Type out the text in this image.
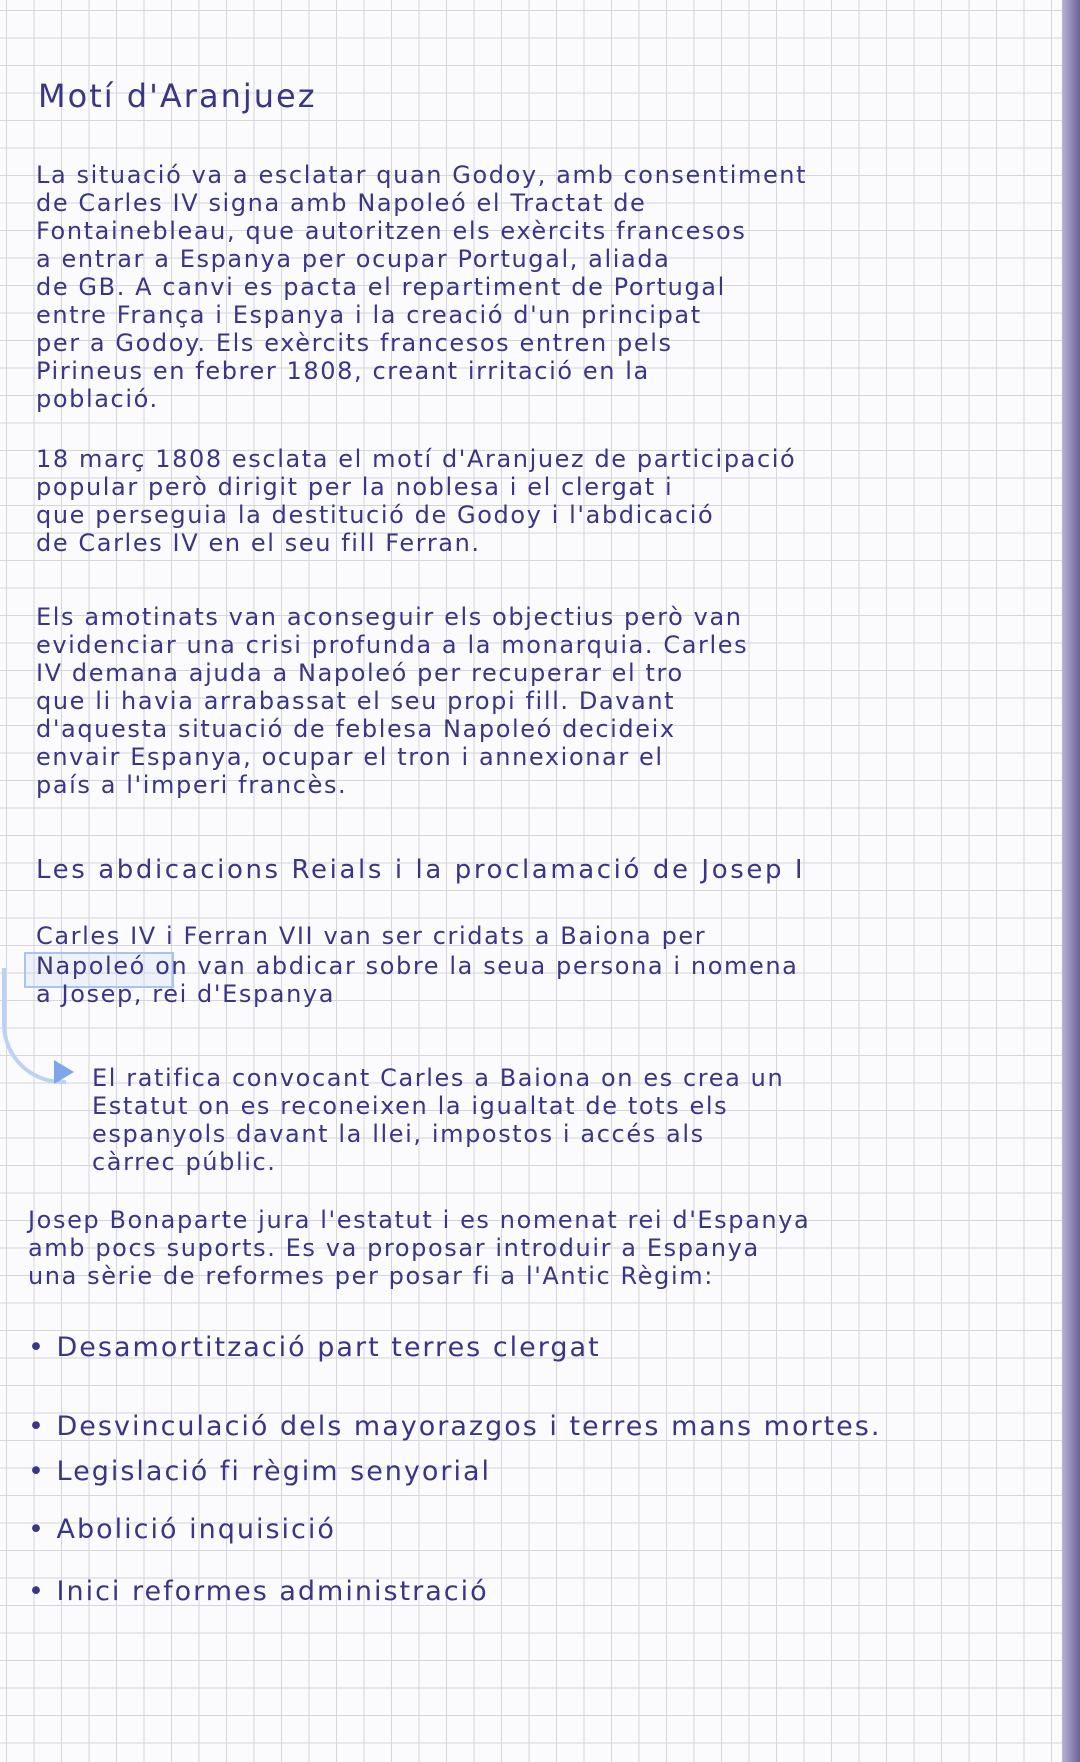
Motí d'Aranjuez
La situació va a esclatar quan Godoy, amb consentiment
de Carles IV signa amb Napoleó el Tractat de
Fontainebleau, que autoritzen els exèrcits francesos
a entrar a Espanya per ocupar Portugal, aliada
de GB. A canvi es pacta el repartiment de Portugal
entre França i Espanya i la creació d'un principat
per a Godoy. Els exèrcits francesos entren pels
Pirineus en febrer 1808, creant irritació en la
població.
18 març 1808 esclata el motí d'Aranjuez de participació
popular però dirigit per la noblesa i el clergat i
que perseguia la destitució de Godoy i l'abdicació
de Carles IV en el seu fill Ferran.
Els amotinats van aconseguir els objectius però van
evidenciar una crisi profunda a la monarquia. Carles
IV demana ajuda a Napoleó per recuperar el tro
que li havia arrabassat el seu propi fill. Davant
d'aquesta situació de feblesa Napoleó decideix
envair Espanya, ocupar el tron i annexionar el
país a l'imperi francès.
Les abdicacions Reials i la proclamació de Josep I
Carles IV i Ferran VII van ser cridats a Baiona per
Napoleó on van abdicar sobre la seua persona i nomena
a Josep, rei d'Espanya
El ratifica convocant Carles a Baiona on es crea un
Estatut on es reconeixen la igualtat de tots els
espanyols davant la llei, impostos i accés als
càrrec públic.
Josep Bonaparte jura l'estatut i es nomenat rei d'Espanya
amb pocs suports. Es va proposar introduir a Espanya
una sèrie de reformes per posar fi a l'Antic Règim:
• Desamortització part terres clergat
• Desvinculació dels mayorazgos i terres mans mortes.
• Legislació fi règim senyorial
• Abolició inquisició
• Inici reformes administració
